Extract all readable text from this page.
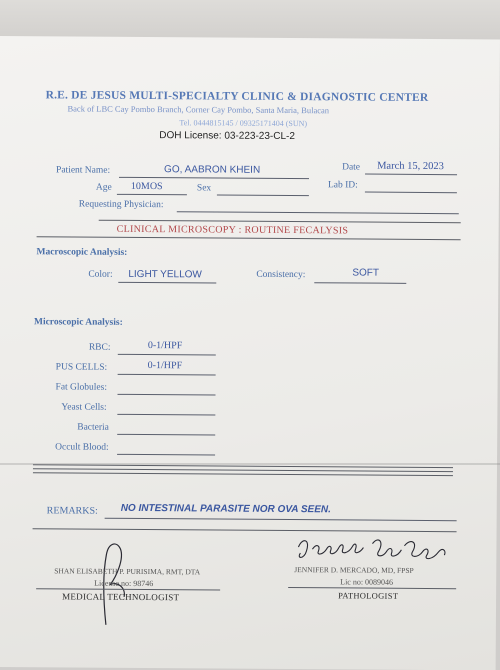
R.E. DE JESUS MULTI-SPECIALTY CLINIC & DIAGNOSTIC CENTER
Back of LBC Cay Pombo Branch, Corner Cay Pombo, Santa Maria, Bulacan
Tel. 0444815145 / 09325171404 (SUN)
DOH License: 03-223-23-CL-2
Patient Name:	GO, AABRON KHEIN	Date March 15, 2023
Age 10MOS	Sex	Lab ID:
Requesting Physician:
CLINICAL MICROSCOPY : ROUTINE FECALYSIS
Macroscopic Analysis:
Color: LIGHT YELLOW	Consistency:	SOFT
Microscopic Analysis:
RBC:	0-1/HPF
PUS CELLS:	0-1/HPF
Fat Globules:
Yeast Cells:
Bacteria
Occult Blood:
REMARKS: NO INTESTINAL PARASITE NOR OVA SEEN.
SHAN ELISABETH P. PURISIMA, RMT, DTA
License no: 98746
MEDICAL TECHNOLOGIST
JENNIFER D. MERCADO, MD, FPSP
Lic no: 0089046
PATHOLOGIST
